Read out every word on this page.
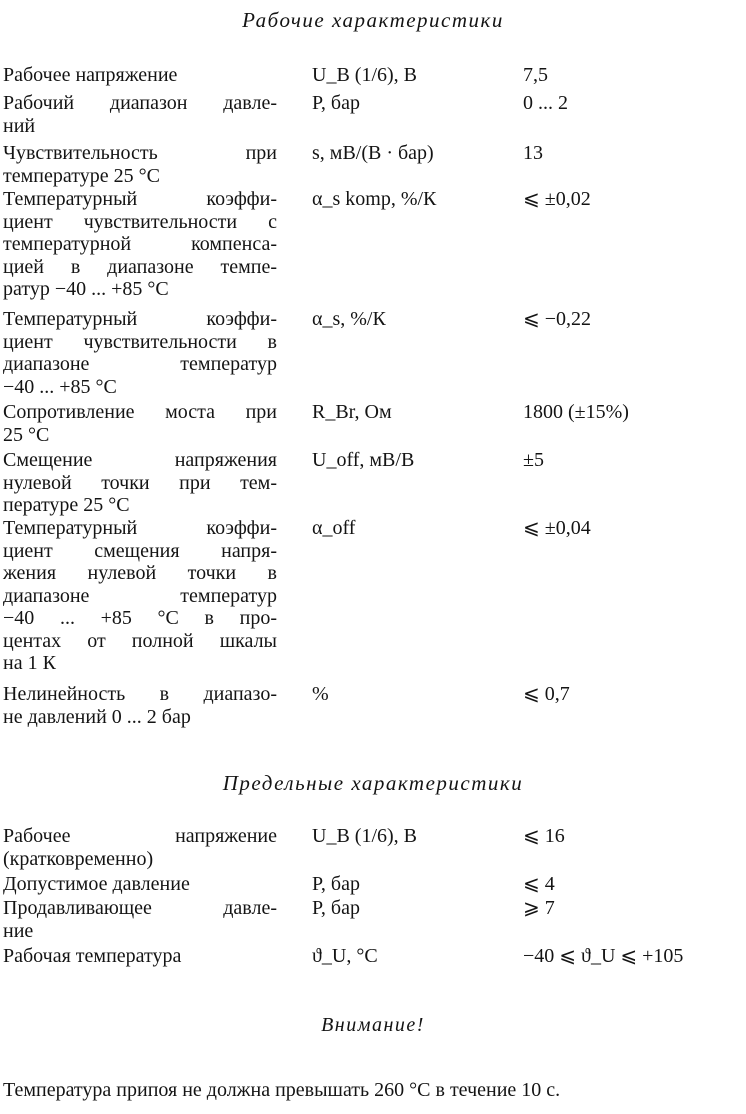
Рабочие характеристики
Рабочее напряжение	U_B (1/6), В	7,5
Рабочий диапазон давле-
ний
P, бар	0 ... 2
Чувствительность при
температуре 25 °C
s, мВ/(В · бар)	13
Температурный коэффи-
циент чувствительности с
температурной компенса-
цией в диапазоне темпе-
ратур −40 ... +85 °C
α_s komp, %/К	⩽ ±0,02
Температурный коэффи-
циент чувствительности в
диапазоне температур
−40 ... +85 °C
α_s, %/К	⩽ −0,22
Сопротивление моста при
25 °C
R_Br, Ом	1800 (±15%)
Смещение напряжения
нулевой точки при тем-
пературе 25 °C
U_off, мВ/В	±5
Температурный коэффи-
циент смещения напря-
жения нулевой точки в
диапазоне температур
−40 ... +85 °C в про-
центах от полной шкалы
на 1 К
α_off	⩽ ±0,04
Нелинейность в диапазо-
не давлений 0 ... 2 бар
%	⩽ 0,7
Предельные характеристики
Рабочее напряжение
(кратковременно)
U_B (1/6), В	⩽ 16
Допустимое давление	P, бар	⩽ 4
Продавливающее давле-
ние
P, бар	⩾ 7
Рабочая температура	ϑ_U, °C	−40 ⩽ ϑ_U ⩽ +105
Внимание!
Температура припоя не должна превышать 260 °C в течение 10 с.
